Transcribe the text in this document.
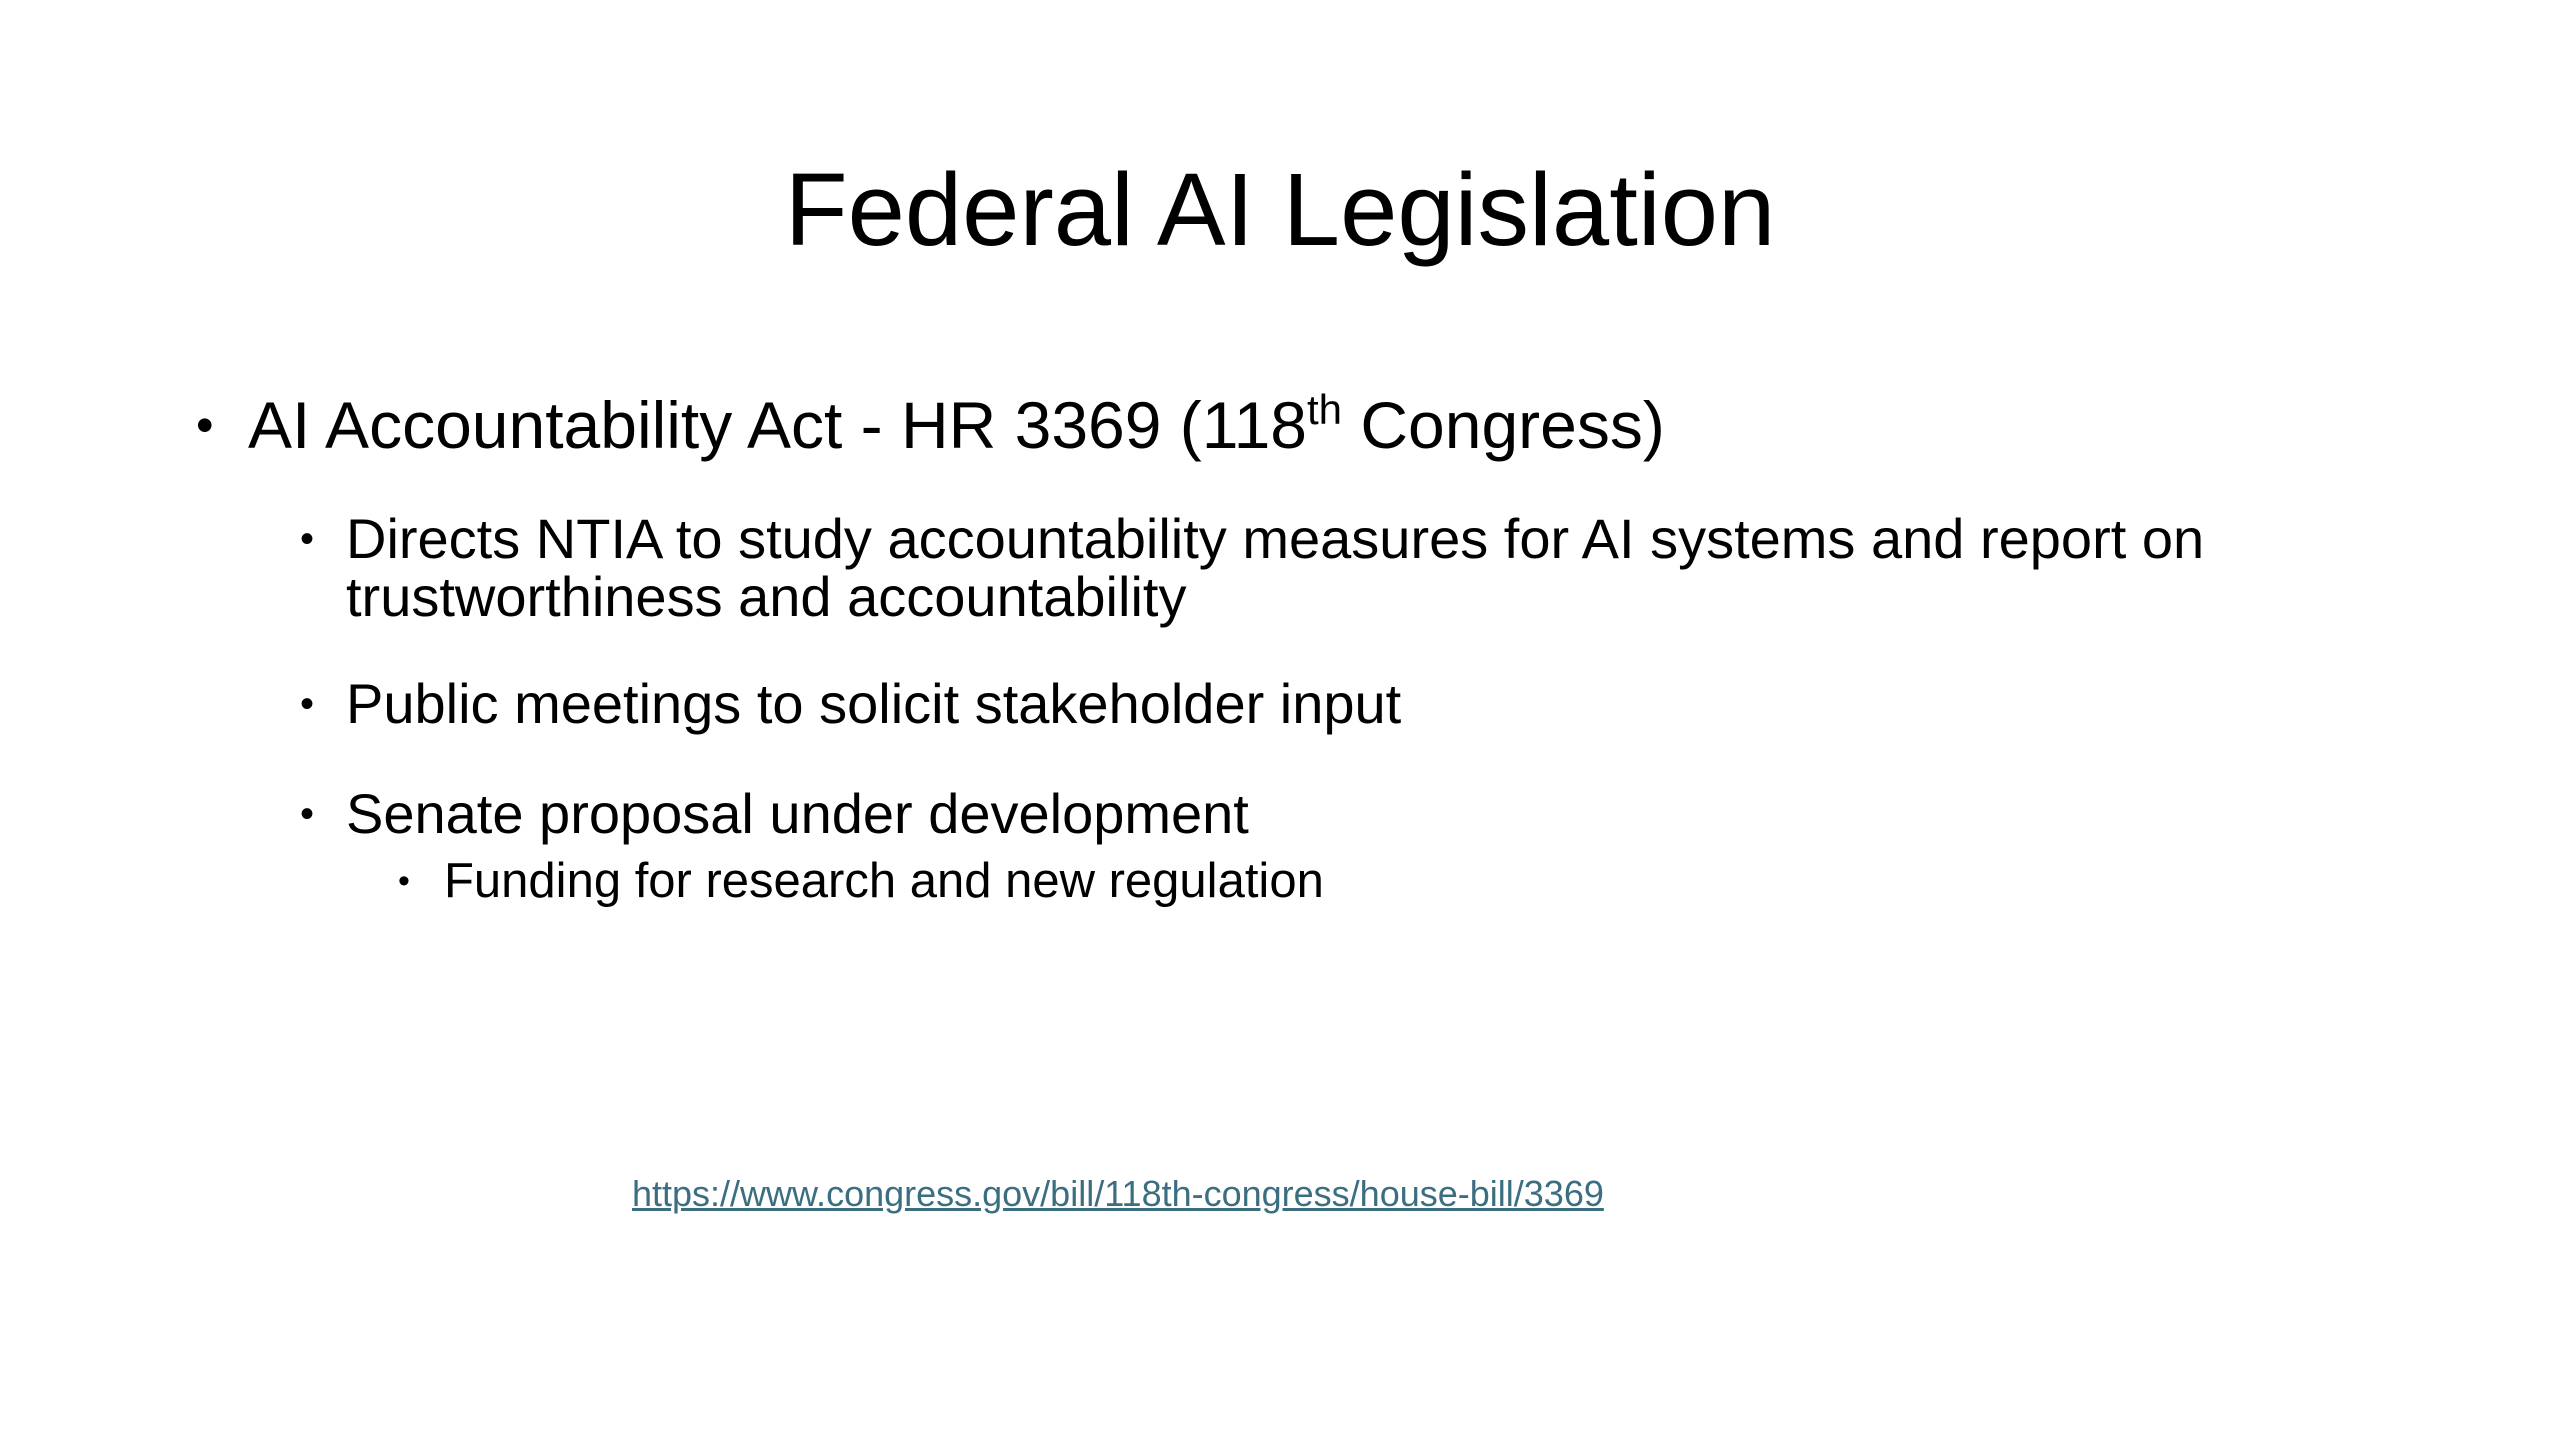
Federal AI Legislation
• AI Accountability Act - HR 3369 (118th Congress)
• Directs NTIA to study accountability measures for AI systems and report on trustworthiness and accountability
• Public meetings to solicit stakeholder input
• Senate proposal under development
• Funding for research and new regulation
https://www.congress.gov/bill/118th-congress/house-bill/3369
